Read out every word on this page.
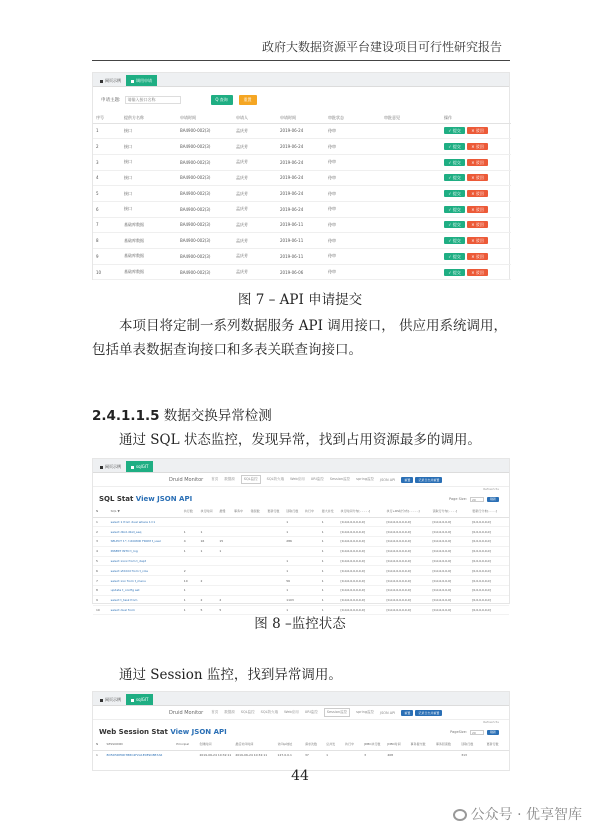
政府大数据资源平台建设项目可行性研究报告
网页示例	调用申请
申请主题:	请输入接口名称	Q 查询	重置
序号	提供方名称	申请时间	申请人	申请时间	审批状态	审批意见	操作
1	接口	BA4900-002(3)	孟庆芳	2019-06-24	待审		✓ 提交 ✕ 驳回
2	接口	BA4900-002(3)	孟庆芳	2019-06-24	待审		✓ 提交 ✕ 驳回
3	接口	BA4900-002(3)	孟庆芳	2019-06-24	待审		✓ 提交 ✕ 驳回
4	接口	BA4900-002(3)	孟庆芳	2019-06-24	待审		✓ 提交 ✕ 驳回
5	接口	BA4900-002(3)	孟庆芳	2019-06-24	待审		✓ 提交 ✕ 驳回
6	接口	BA4900-002(3)	孟庆芳	2019-06-24	待审		✓ 提交 ✕ 驳回
7	基础库数据	BA4900-002(3)	孟庆芳	2019-06-11	待审		✓ 提交 ✕ 驳回
8	基础库数据	BA4900-002(3)	孟庆芳	2019-06-11	待审		✓ 提交 ✕ 驳回
9	基础库数据	BA4900-002(3)	孟庆芳	2019-06-11	待审		✓ 提交 ✕ 驳回
10	基础库数据	BA4900-002(3)	孟庆芳	2019-06-06	待审		✓ 提交 ✕ 驳回
图 7 – API 申请提交
本项目将定制一系列数据服务 API 调用接口， 供应用系统调用，包括单表数据查询接口和多表关联查询接口。
2.4.1.1.5 数据交换异常检测
通过 SQL 状态监控，发现异常，找到占用资源最多的调用。
网页示例	sqlGIT
Druid Monitor 首页 数据源	SQL监控	SQL防火墙 Web应用 URI监控 Session监控 spring监控 JSON API	重置	记录日志并重置
Refresh:5s
SQL Stat View JSON API	Page Size:	20	刷新
N	SQL ▼	执行数	执行时间	最慢	事务中	错误数	更新行数	读取行数	执行中	最大并发	执行时间分布[- - - - -]	执行+RS时分布[- - - - -]	读取行分布[- - - -]	更新行分布[- - - -]
1	select 1 from dual where 1=1							1		1	[0,0,0,0,0,0,0,0]	[0,0,0,0,0,0,0,0]	[0,0,0,0,0,0]	[0,0,0,0,0,0]
2	select dbid.dbid_seq	1	1					1		1	[0,0,0,0,0,0,0,0]	[0,0,0,0,0,0,0,0]	[0,0,0,0,0,0]	[0,0,0,0,0,0]
3	SELECT t.*, t.ROWID FROM t_user	4	16	15				286		1	[0,0,0,0,0,0,0,0]	[0,0,0,0,0,0,0,0]	[0,0,0,0,0,0]	[0,0,0,0,0,0]
4	INSERT INTO t_log	1	1	1						1	[0,0,0,0,0,0,0,0]	[0,0,0,0,0,0,0,0]	[0,0,0,0,0,0]	[0,0,0,0,0,0]
5	select xxxx from t_dept							1		1	[0,0,0,0,0,0,0,0]	[0,0,0,0,0,0,0,0]	[0,0,0,0,0,0]	[0,0,0,0,0,0]
6	select sfdddd from t_role	2						1		1	[0,0,0,0,0,0,0,0]	[0,0,0,0,0,0,0,0]	[0,0,0,0,0,0]	[0,0,0,0,0,0]
7	select xxx from t_menu	10	2					56		1	[0,0,0,0,0,0,0,0]	[0,0,0,0,0,0,0,0]	[0,0,0,0,0,0]	[0,0,0,0,0,0]
8	update t_config set	1						1		1	[0,0,0,0,0,0,0,0]	[0,0,0,0,0,0,0,0]	[0,0,0,0,0,0]	[0,0,0,0,0,0]
9	select t_task from	1	2	2				1103		1	[0,0,0,0,0,0,0,0]	[0,0,0,0,0,0,0,0]	[0,0,0,0,0,0]	[0,0,0,0,0,0]
10	select dual from	1	5	5				1		1	[0,0,0,0,0,0,0,0]	[0,0,0,0,0,0,0,0]	[0,0,0,0,0,0]	[0,0,0,0,0,0]
图 8 –监控状态
通过 Session 监控，找到异常调用。
网页示例	sqlGIT
Druid Monitor 首页 数据源 SQL监控 SQL防火墙 Web应用 URI监控	Session监控	spring监控 JSON API	重置	记录日志并重置
Refresh:5s
Web Session Stat View JSON API	PageSize:	20	刷新
N	SESSIONID	Principal	创建时间	最后访问时间	访问ip地址	请求次数	总并发	执行中	JDBC执行数	JDBC时间	事务提交数	事务回滚数	读取行数	更新行数
1	8D5D5DE6D7B8C4F2A1E0E9C8B7A6		2019-06-24 10:32:11	2019-06-24 10:32:11	127.0.0.1	37	1		3	408			313	
44
公众号 · 优享智库
